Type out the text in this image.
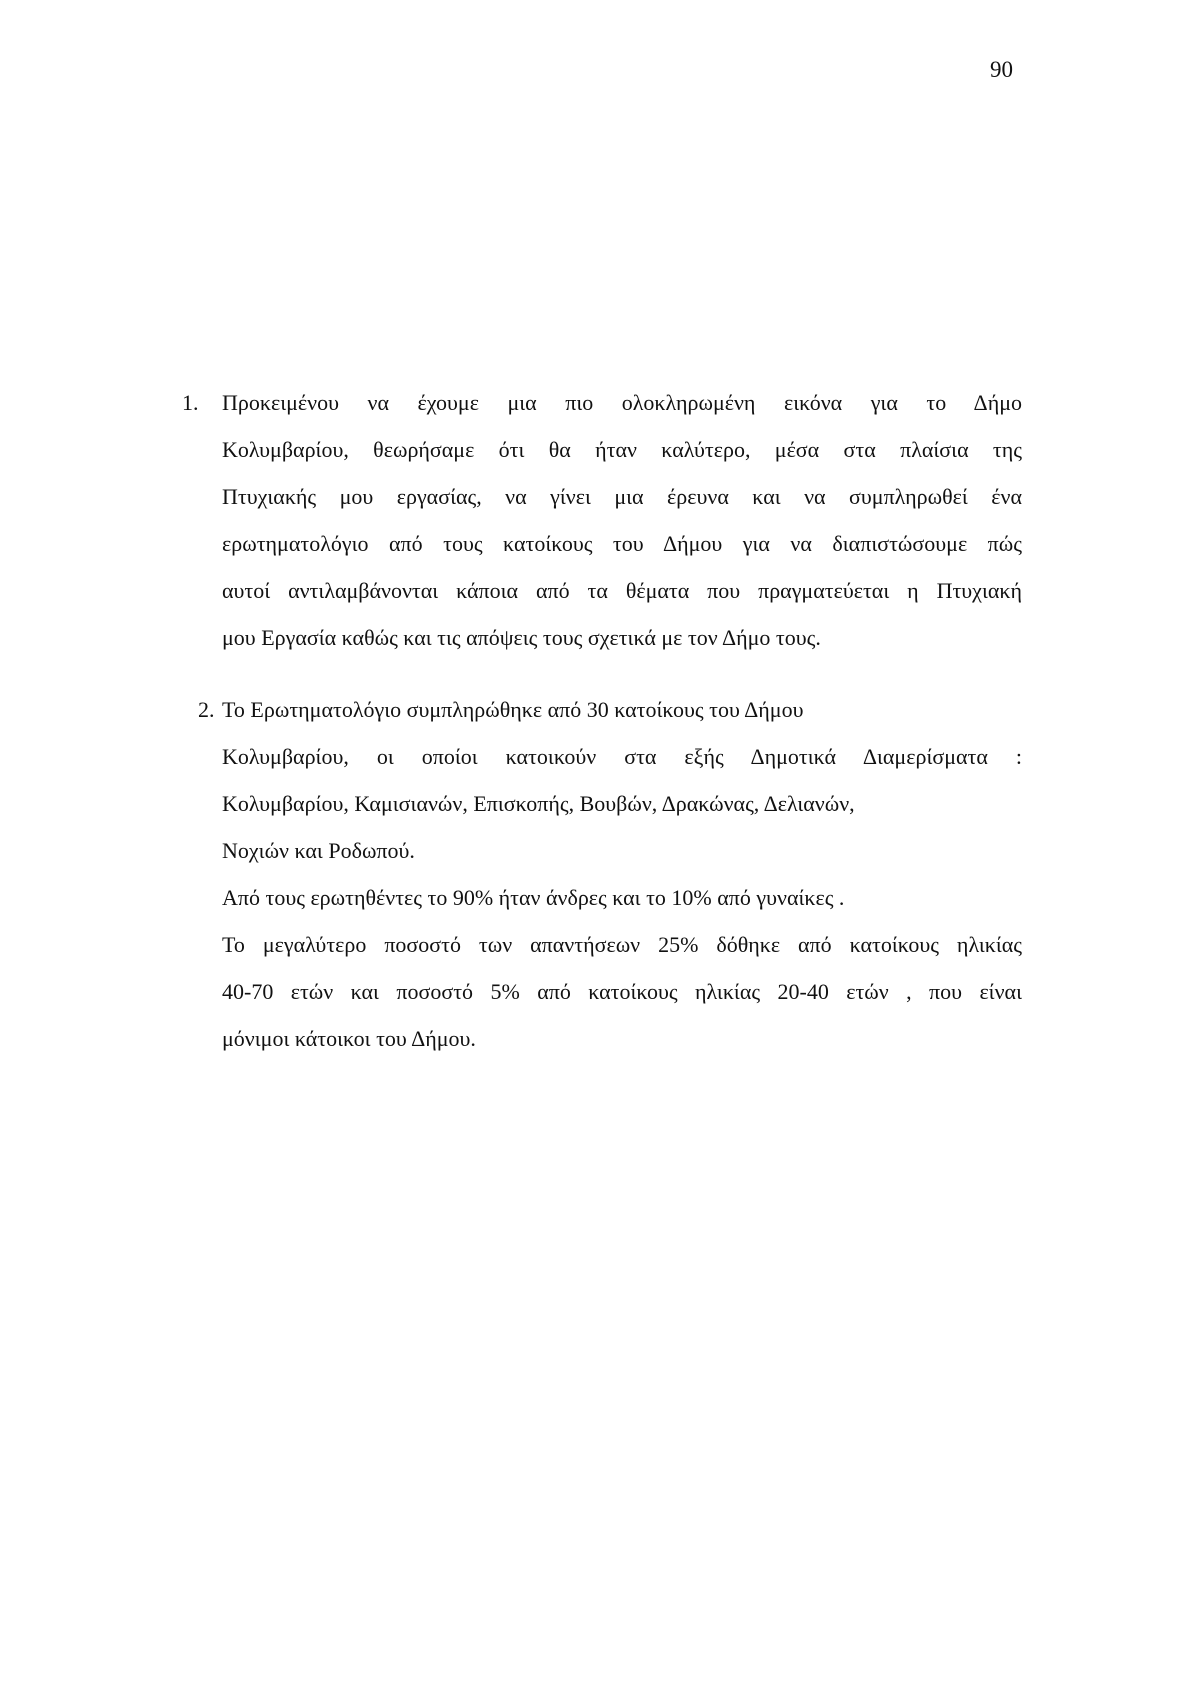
90
1. Προκειμένου να έχουμε μια πιο ολοκληρωμένη εικόνα για το Δήμο
Κολυμβαρίου, θεωρήσαμε ότι θα ήταν καλύτερο, μέσα στα πλαίσια της
Πτυχιακής μου εργασίας, να γίνει μια έρευνα και να συμπληρωθεί ένα
ερωτηματολόγιο από τους κατοίκους του Δήμου για να διαπιστώσουμε πώς
αυτοί αντιλαμβάνονται κάποια από τα θέματα που πραγματεύεται η Πτυχιακή
μου Εργασία καθώς και τις απόψεις τους σχετικά με τον Δήμο τους.
2. Το Ερωτηματολόγιο συμπληρώθηκε από 30 κατοίκους του Δήμου
Κολυμβαρίου, οι οποίοι κατοικούν στα εξής Δημοτικά Διαμερίσματα :
Κολυμβαρίου, Καμισιανών, Επισκοπής, Βουβών, Δρακώνας, Δελιανών,
Νοχιών και Ροδωπού.
Από τους ερωτηθέντες το 90% ήταν άνδρες και το 10% από γυναίκες .
Το μεγαλύτερο ποσοστό των απαντήσεων 25% δόθηκε από κατοίκους ηλικίας
40-70 ετών και ποσοστό 5% από κατοίκους ηλικίας 20-40 ετών , που είναι
μόνιμοι κάτοικοι του Δήμου.
